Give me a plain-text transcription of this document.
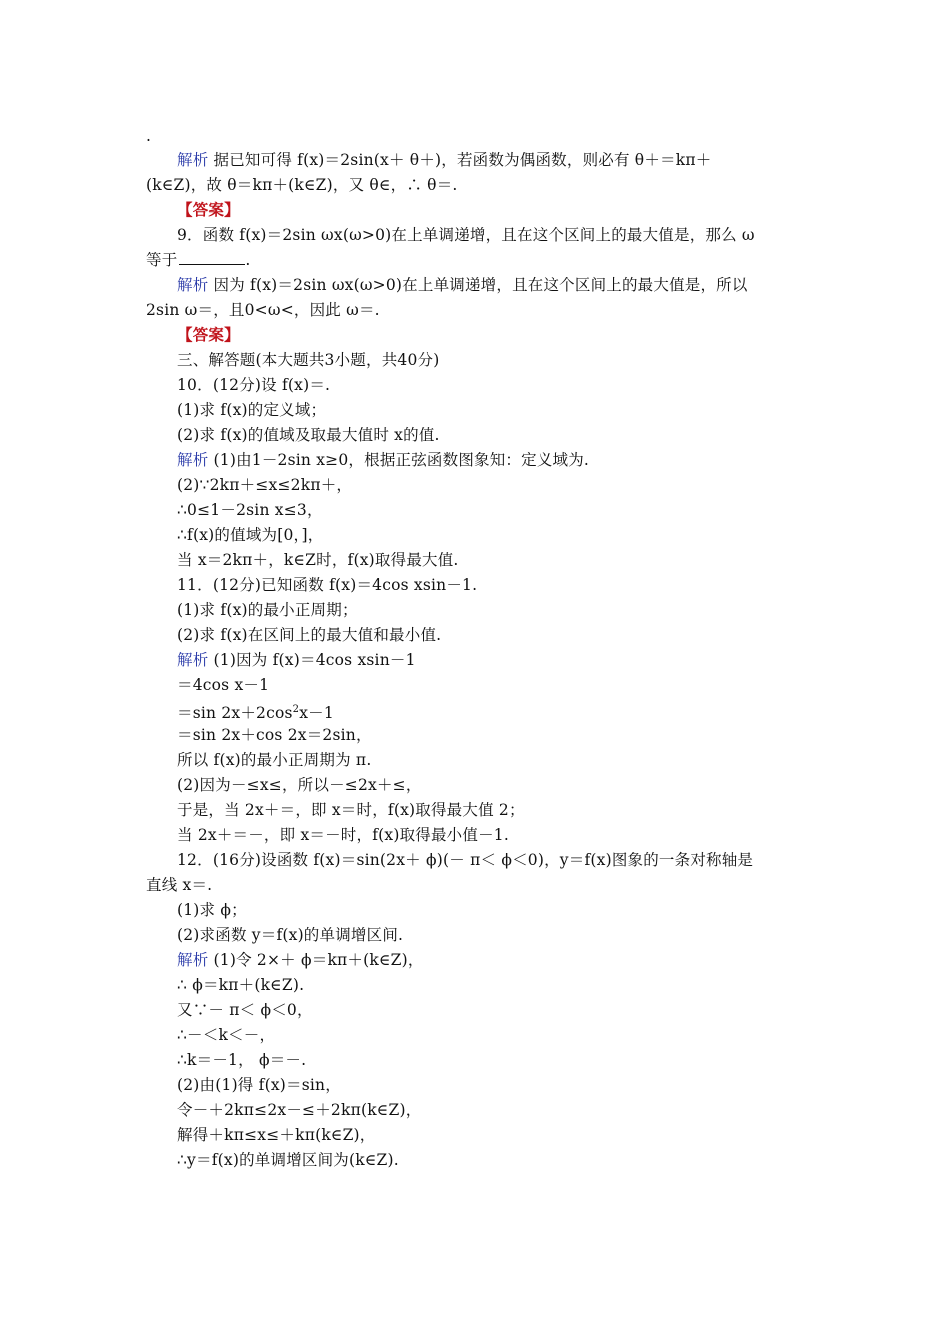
.
解析 据已知可得 f(x)＝2sin(x＋ θ＋)，若函数为偶函数，则必有 θ＋＝kπ＋
(k∈Z)，故 θ＝kπ＋(k∈Z)，又 θ∈，∴ θ＝.
【答案】
9．函数 f(x)＝2sin ωx(ω>0)在上单调递增，且在这个区间上的最大值是，那么 ω
等于	.
解析 因为 f(x)＝2sin ωx(ω>0)在上单调递增，且在这个区间上的最大值是，所以
2sin ω＝，且0<ω<，因此 ω＝.
【答案】
三、解答题(本大题共3小题，共40分)
10．(12分)设 f(x)＝.
(1)求 f(x)的定义域；
(2)求 f(x)的值域及取最大值时 x的值.
解析 (1)由1－2sin x≥0，根据正弦函数图象知：定义域为.
(2)∵2kπ＋≤x≤2kπ＋，
∴0≤1－2sin x≤3，
∴f(x)的值域为[0，]，
当 x＝2kπ＋，k∈Z时，f(x)取得最大值.
11．(12分)已知函数 f(x)＝4cos xsin－1.
(1)求 f(x)的最小正周期；
(2)求 f(x)在区间上的最大值和最小值.
解析 (1)因为 f(x)＝4cos xsin－1
＝4cos x－1
＝sin $2x+2\cos^2x-1$
＝sin 2x＋cos 2x＝2sin，
所以 f(x)的最小正周期为 π.
(2)因为－≤x≤，所以－≤2x＋≤，
于是，当 2x＋＝，即 x＝时，f(x)取得最大值 2；
当 2x＋＝－，即 x＝－时，f(x)取得最小值－1.
12．(16分)设函数 f(x)＝sin(2x＋ ϕ)(－ π＜ ϕ＜0)，y＝f(x)图象的一条对称轴是
直线 x＝.
(1)求 ϕ；
(2)求函数 y＝f(x)的单调增区间.
解析 (1)令 2×＋ ϕ＝kπ＋(k∈Z)，
∴ ϕ＝kπ＋(k∈Z).
又∵－ π＜ ϕ＜0，
∴－＜k＜－，
∴k＝－1， ϕ＝－.
(2)由(1)得 f(x)＝sin，
令－＋2kπ≤2x－≤＋2kπ(k∈Z)，
解得＋kπ≤x≤＋kπ(k∈Z)，
∴y＝f(x)的单调增区间为(k∈Z).
